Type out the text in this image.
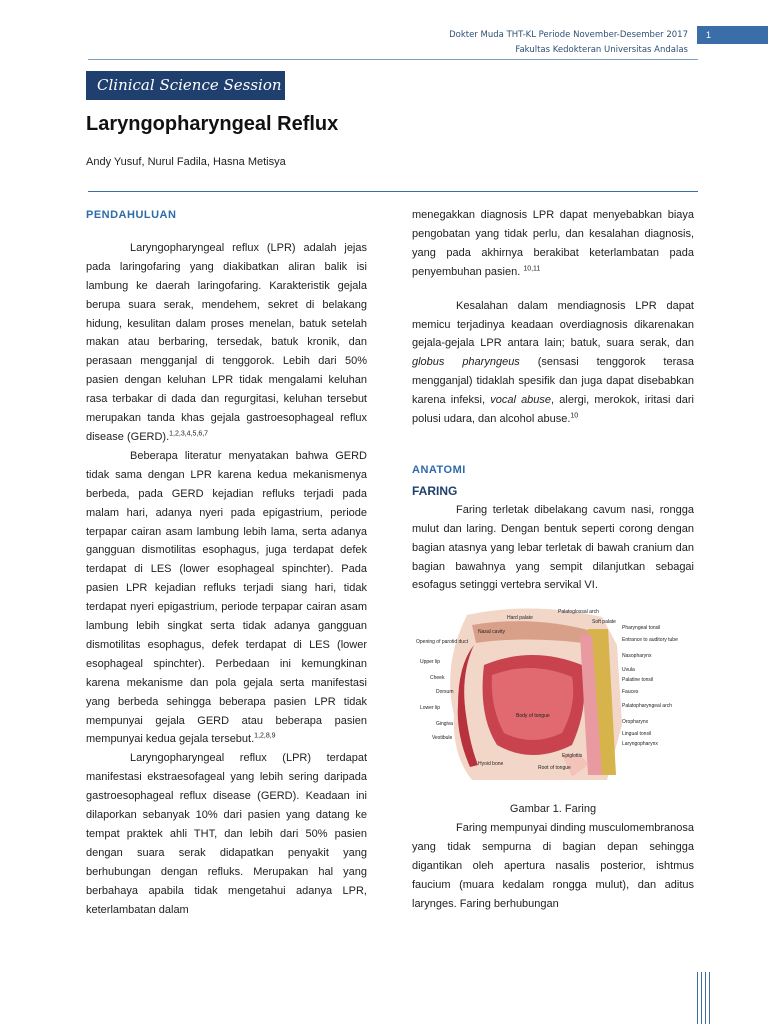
Dokter Muda THT-KL Periode November-Desember 2017
Fakultas Kedokteran Universitas Andalas
1
Clinical Science Session
Laryngopharyngeal Reflux
Andy Yusuf, Nurul Fadila, Hasna Metisya

PENDAHULUAN

Laryngopharyngeal reflux (LPR) adalah jejas pada laringofaring yang diakibatkan aliran balik isi lambung ke daerah laringofaring. Karakteristik gejala berupa suara serak, mendehem, sekret di belakang hidung, kesulitan dalam proses menelan, batuk setelah makan atau berbaring, tersedak, batuk kronik, dan perasaan mengganjal di tenggorok. Lebih dari 50% pasien dengan keluhan LPR tidak mengalami keluhan rasa terbakar di dada dan regurgitasi, keluhan tersebut merupakan tanda khas gejala gastroesophageal reflux disease (GERD).$^{1,2,3,4,5,6,7}$

Beberapa literatur menyatakan bahwa GERD tidak sama dengan LPR karena kedua mekanismenya berbeda, pada GERD kejadian refluks terjadi pada malam hari, adanya nyeri pada epigastrium, periode terpapar cairan asam lambung lebih lama, serta adanya gangguan dismotilitas esophagus, juga terdapat defek terdapat di LES (lower esophageal spinchter). Pada pasien LPR kejadian refluks terjadi siang hari, tidak terdapat nyeri epigastrium, periode terpapar cairan asam lambung lebih singkat serta tidak adanya gangguan dismotilitas esophagus, defek terdapat di LES (lower esophageal spinchter). Perbedaan ini kemungkinan karena mekanisme dan pola gejala serta manifestasi yang berbeda sehingga beberapa pasien LPR tidak mempunyai gejala GERD atau beberapa pasien mempunyai kedua gejala tersebut.$^{1,2,8,9}$

Laryngopharyngeal reflux (LPR) terdapat manifestasi ekstraesofageal yang lebih sering daripada gastroesophageal reflux disease (GERD). Keadaan ini dilaporkan sebanyak 10% dari pasien yang datang ke tempat praktek ahli THT, dan lebih dari 50% pasien dengan suara serak didapatkan penyakit yang berhubungan dengan refluks. Merupakan hal yang berbahaya apabila tidak mengetahui adanya LPR, keterlambatan dalam

menegakkan diagnosis LPR dapat menyebabkan biaya pengobatan yang tidak perlu, dan kesalahan diagnosis, yang pada akhirnya berakibat keterlambatan pada penyembuhan pasien. $^{10,11}$

Kesalahan dalam mendiagnosis LPR dapat memicu terjadinya keadaan overdiagnosis dikarenakan gejala-gejala LPR antara lain; batuk, suara serak, dan globus pharyngeus (sensasi tenggorok terasa mengganjal) tidaklah spesifik dan juga dapat disebabkan karena infeksi, vocal abuse, alergi, merokok, iritasi dari polusi udara, dan alcohol abuse.$^{10}$

ANATOMI

FARING

Faring terletak dibelakang cavum nasi, rongga mulut dan laring. Dengan bentuk seperti corong dengan bagian atasnya yang lebar terletak di bawah cranium dan bagian bawahnya yang sempit dilanjutkan sebagai esofagus setinggi vertebra servikal VI.

Hard palate
Palatoglossal arch
Soft palate
Pharyngeal tonsil
Nasal cavity
Opening of parotid duct	Entrance to auditory tube
Nasopharynx
Upper lip
Uvula
Cheek	Palatine tonsil
Dorsum	Fauces
Lower lip	Palatopharyngeal arch
Gingiva
Body of tongue
Oropharynx
Vestibule
Lingual tonsil
Laryngopharynx
Epiglottis
Hyoid bone
Root of tongue

Gambar 1. Faring

Faring mempunyai dinding musculomembranosa yang tidak sempurna di bagian depan sehingga digantikan oleh apertura nasalis posterior, ishtmus faucium (muara kedalam rongga mulut), dan aditus larynges. Faring berhubungan
